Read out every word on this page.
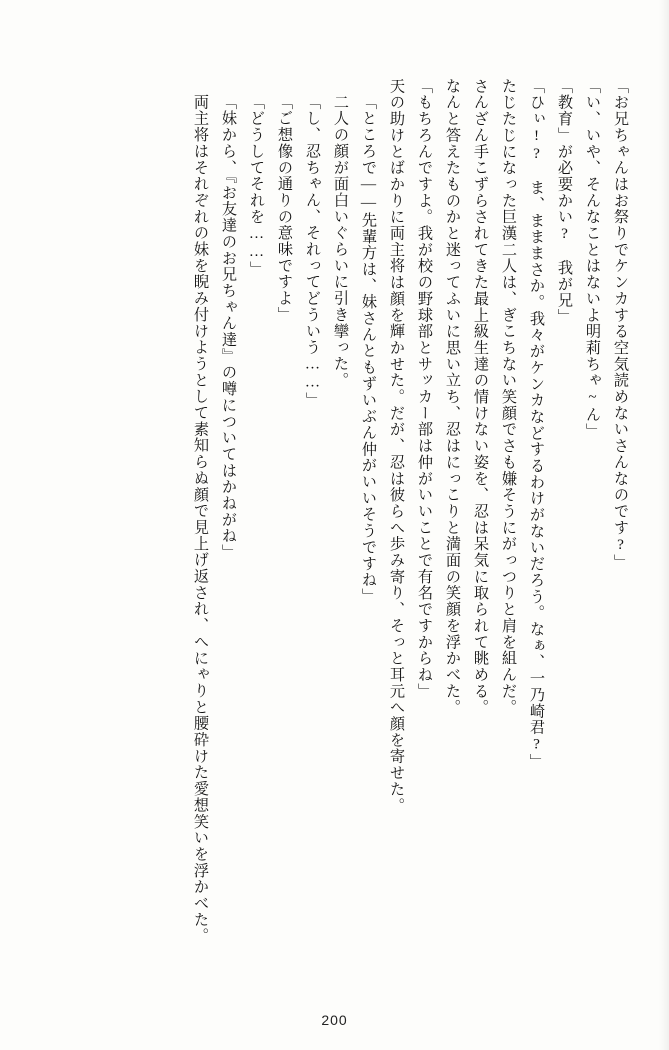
「お兄ちゃんはお祭りでケンカする空気読めないさんなのです?」
「い、いや、そんなことはないよ明莉ちゃ~ん」
「教育」が必要かい?　我が兄」
「ひぃ!?　ま、まままさか。我々がケンカなどするわけがないだろう。なぁ、一乃崎君?」
たじたじになった巨漢二人は、ぎこちない笑顔でさも嫌そうにがっつりと肩を組んだ。
さんざん手こずらされてきた最上級生達の情けない姿を、忍は呆気に取られて眺める。
なんと答えたものかと迷ってふいに思い立ち、忍はにっこりと満面の笑顔を浮かべた。
「もちろんですよ。我が校の野球部とサッカー部は仲がいいことで有名ですからね」
天の助けとばかりに両主将は顔を輝かせた。だが、忍は彼らへ歩み寄り、そっと耳元へ顔を寄せた。
「ところで――先輩方は、妹さんともずいぶん仲がいいそうですね」
二人の顔が面白いぐらいに引き攣った。
「し、忍ちゃん、それってどういう……」
「ご想像の通りの意味ですよ」
「どうしてそれを……」
「妹から、『お友達のお兄ちゃん達』の噂についてはかねがね」
両主将はそれぞれの妹を睨み付けようとして素知らぬ顔で見上げ返され、へにゃりと腰砕けた愛想笑いを浮かべた。
200
